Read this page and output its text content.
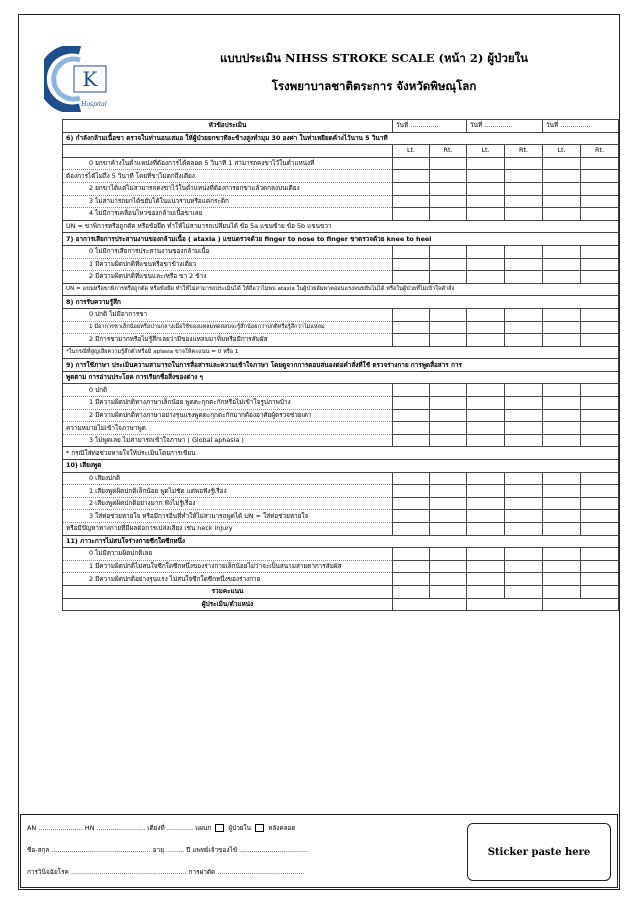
K
Hospital
แบบประเมิน NIHSS STROKE SCALE (หน้า 2) ผู้ป่วยใน
โรงพยาบาลชาติตระการ จังหวัดพิษณุโลก
หัวข้อประเมิน	วันที่ ..............		วันที่ ..............		วันที่ ...............	
6) กำลังกล้ามเนื้อขา ตรวจในท่านอนเสมอ ให้ผู้ป่วยยกขาทีละข้างสูงทำมุม 30 องศา ในท่าเหยียดค้างไว้นาน 5 วินาที						
	Lt.	Rt.	Lt.	Rt.	Lt.	Rt.
0 ยกขาค้างในตำแหน่งที่ต้องการได้ตลอด 5 วินาที 1 สามารถคงขาไว้ในตำแหน่งที่						
ต้องการได้ไม่ถึง 5 วินาที โดยที่ขาไม่ตกถึงเตียง						
2 ยกขาได้แต่ไม่สามารถคงขาไว้ในตำแหน่งที่ต้องการยกขาแล้วตกลงบนเตียง						
3 ไม่สามารถยกได้ขยับได้ในแนวราบหรือแค่กระดิก						
4 ไม่มีการเคลื่อนไหวของกล้ามเนื้อขาเลย						
UN = ขาพิการหรือถูกตัด หรือข้อยึด ทำให้ไม่สามารถเปลี่ยนได้ ข้อ 5a แขนซ้าย ข้อ 5b แขนขวา						
7) อาการเสียการประสานงานของกล้ามเนื้อ ( ataxia ) แขนตรวจด้วย finger to nose to finger ขาตรวจด้วย knee to heel						
0 ไม่มีการเสียการประสานงานของกล้ามเนื้อ						
1 มีความผิดปกติที่แขนหรือขาข้างเดียว						
2 มีความผิดปกติที่แขนและ/หรือ ขา 2 ข้าง						
UN = แขนหรือขาพิการหรือถูกตัด หรือข้อยึด ทำให้ไม่สามารถประเมินได้ ให้ถือว่าไม่พบ ataxia ในผู้ป่วยอัมพาตอ่อนแรงจนขยับไม่ได้ หรือในผู้ป่วยที่ไม่เข้าใจคำสั่ง						
8) การรับความรู้สึก						
0 ปกติ ไม่มีอาการชา						
1 มีอาการชาเล็กน้อยหรือปานกลางเมื่อใช้ของแหลมทดสอบจะรู้สึกน้อยกว่าปกติหรือรู้สึกว่าไม่แหลม						
2 มีการชามากหรือไม่รู้สึกเลยว่ามีของแหลมมาทิ่มหรือมีการสัมผัส						
*ในกรณีที่สูญเสียความรู้สึกตัวหรือมี aplasia ขาจให้คะแนน = 0 หรือ 1						
9) การใช้ภาษา ประเมินความสามารถในการสื่อสารและความเข้าใจภาษา โดยดูจากการตอบสนองต่อคำสั่งที่ใช้ ตรวจร่างกาย การพูดสื่อสาร การ						
พูดตาม การอ่านประโยค การเรียกชื่อสิ่งของต่าง ๆ						
0 ปกติ						
1 มีความผิดปกติทางภาษาเล็กน้อย พูดตะกุกตะกักหรือไม่เข้าใจรูปภาพบ้าง						
2 มีความผิดปกติทางภาษาอย่างรุนแรงพูดตะกุกตะกักมากต้องอาศัยผู้ตรวจช่วยเดา						
ความหมายไม่เข้าใจภาษาพูด						
3 ไม่พูดเลย ไม่สามารถเข้าใจภาษา ( Global aphasia )						
* กรณีใส่ท่อช่วยหายใจให้ประเมินโดยการเขียน						
10) เสียงพูด						
0 เสียงปกติ						
1 เสียงพูดผิดปกติเล็กน้อย พูดไม่ชัด แต่พอฟังรู้เรื่อง						
2 เสียงพูดผิดปกติอย่างมาก ฟังไม่รู้เรื่อง						
3 ใส่ท่อช่วยหายใจ หรือมีการอื่นที่ทำให้ไม่สามารถพูดได้ UN = ใส่ท่อช่วยหายใจ						
หรือมีปัญหาทางกายที่มีผลต่อการเปล่งเสียง เช่น neck injury						
11) ภาวะการไม่สนใจร่างกายซีกใดซีกหนึ่ง						
0 ไม่มีความผิดปกติเลย						
1 มีความผิดปกติไม่สนใจซีกใดซีกหนึ่งของร่างกายเล็กน้อยไม่ว่าจะเป็นสนามสายตาการสัมผัส						
2 มีความผิดปกติอย่างรุนแรง ไม่สนใจซีกใดซีกหนึ่งของร่างกาย						
รวมคะแนน						
ผู้ประเมิน/ตำแหน่ง						
AN ...................... HN ........................ เตียงที่ ............. แผนก	ผู้ป่วยใน	หลังคลอด
ชื่อ-สกุล ................................................. อายุ ......... ปี แพทย์เจ้าของไข้ ..................................
การวินิจฉัยโรค ......................................................... การผ่าตัด ...........................................
Sticker paste here
